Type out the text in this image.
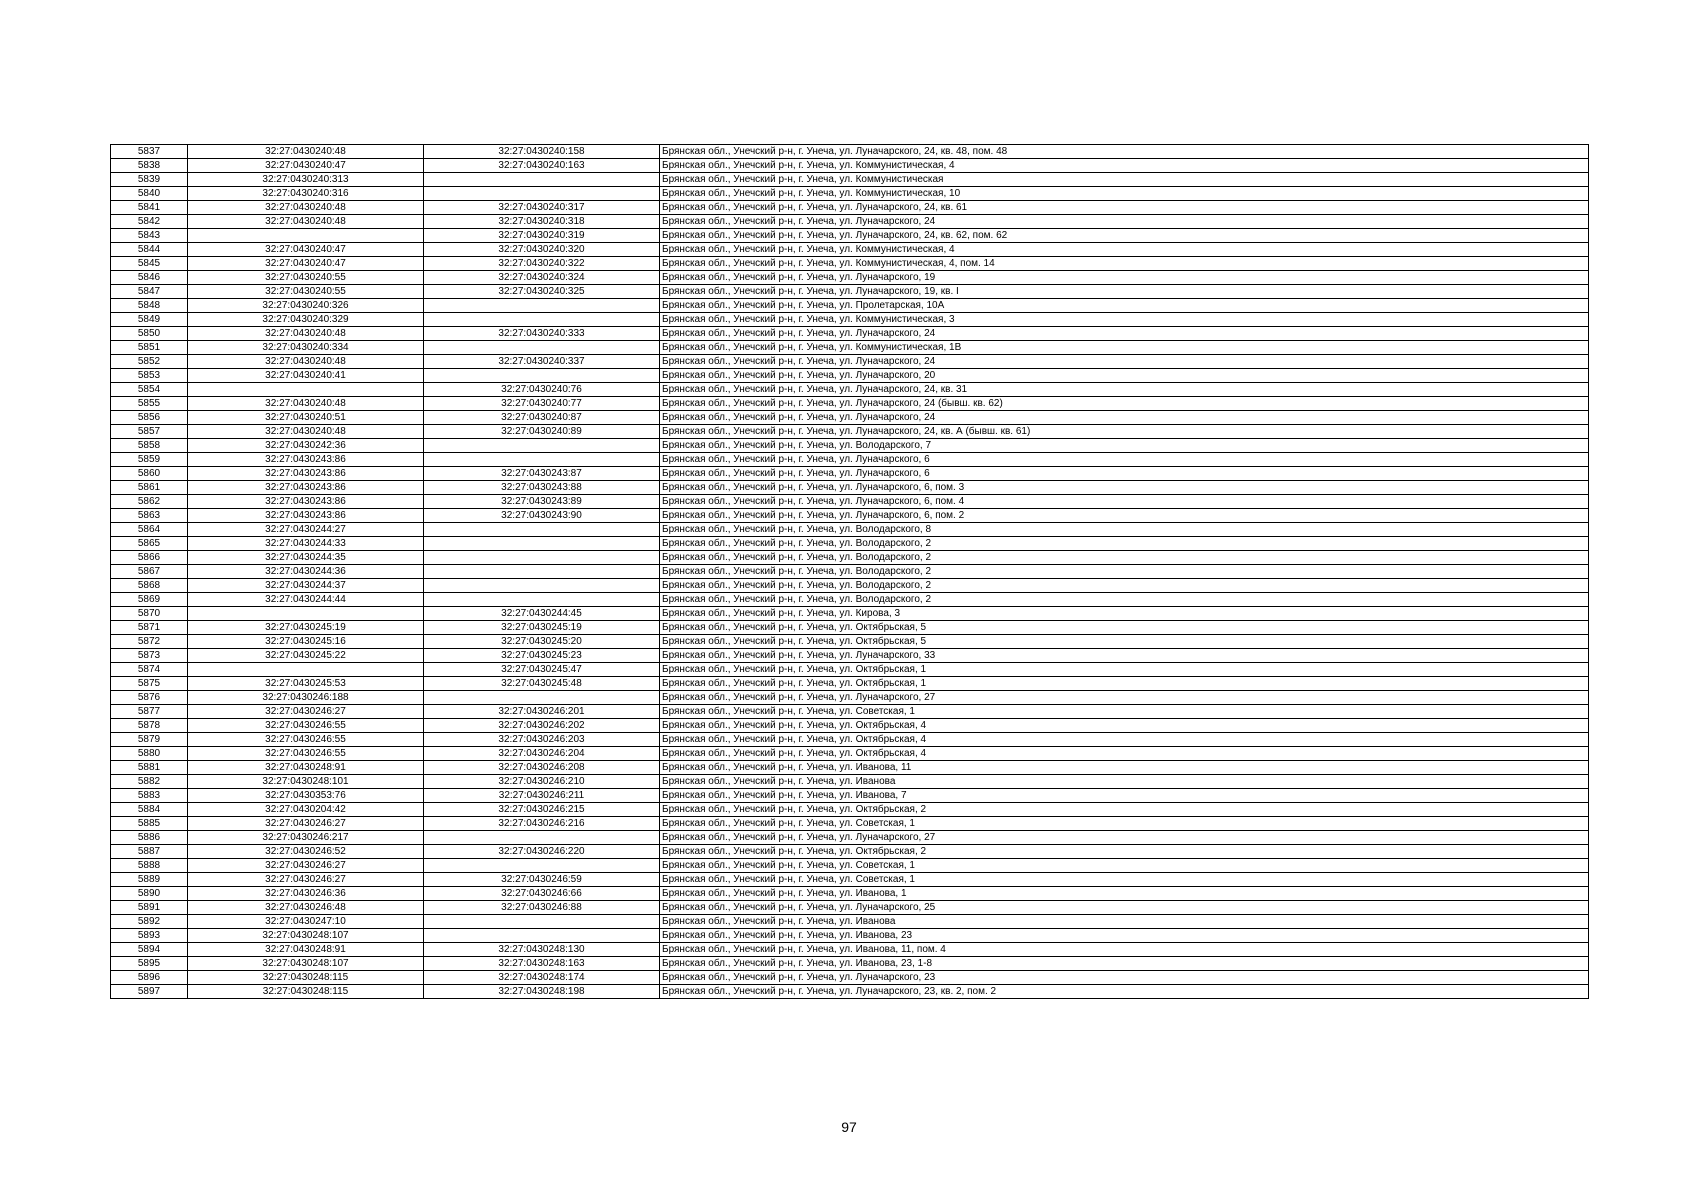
5837	32:27:0430240:48	32:27:0430240:158	Брянская обл., Унечский р-н, г. Унеча, ул. Луначарского, 24, кв. 48, пом. 48
5838	32:27:0430240:47	32:27:0430240:163	Брянская обл., Унечский р-н, г. Унеча, ул. Коммунистическая, 4
5839	32:27:0430240:313		Брянская обл., Унечский р-н, г. Унеча, ул. Коммунистическая
5840	32:27:0430240:316		Брянская обл., Унечский р-н, г. Унеча, ул. Коммунистическая, 10
5841	32:27:0430240:48	32:27:0430240:317	Брянская обл., Унечский р-н, г. Унеча, ул. Луначарского, 24, кв. 61
5842	32:27:0430240:48	32:27:0430240:318	Брянская обл., Унечский р-н, г. Унеча, ул. Луначарского, 24
5843		32:27:0430240:319	Брянская обл., Унечский р-н, г. Унеча, ул. Луначарского, 24, кв. 62, пом. 62
5844	32:27:0430240:47	32:27:0430240:320	Брянская обл., Унечский р-н, г. Унеча, ул. Коммунистическая, 4
5845	32:27:0430240:47	32:27:0430240:322	Брянская обл., Унечский р-н, г. Унеча, ул. Коммунистическая, 4, пом. 14
5846	32:27:0430240:55	32:27:0430240:324	Брянская обл., Унечский р-н, г. Унеча, ул. Луначарского, 19
5847	32:27:0430240:55	32:27:0430240:325	Брянская обл., Унечский р-н, г. Унеча, ул. Луначарского, 19, кв. I
5848	32:27:0430240:326		Брянская обл., Унечский р-н, г. Унеча, ул. Пролетарская, 10А
5849	32:27:0430240:329		Брянская обл., Унечский р-н, г. Унеча, ул. Коммунистическая, 3
5850	32:27:0430240:48	32:27:0430240:333	Брянская обл., Унечский р-н, г. Унеча, ул. Луначарского, 24
5851	32:27:0430240:334		Брянская обл., Унечский р-н, г. Унеча, ул. Коммунистическая, 1В
5852	32:27:0430240:48	32:27:0430240:337	Брянская обл., Унечский р-н, г. Унеча, ул. Луначарского, 24
5853	32:27:0430240:41		Брянская обл., Унечский р-н, г. Унеча, ул. Луначарского, 20
5854		32:27:0430240:76	Брянская обл., Унечский р-н, г. Унеча, ул. Луначарского, 24, кв. 31
5855	32:27:0430240:48	32:27:0430240:77	Брянская обл., Унечский р-н, г. Унеча, ул. Луначарского, 24 (бывш. кв. 62)
5856	32:27:0430240:51	32:27:0430240:87	Брянская обл., Унечский р-н, г. Унеча, ул. Луначарского, 24
5857	32:27:0430240:48	32:27:0430240:89	Брянская обл., Унечский р-н, г. Унеча, ул. Луначарского, 24, кв. А (бывш. кв. 61)
5858	32:27:0430242:36		Брянская обл., Унечский р-н, г. Унеча, ул. Володарского, 7
5859	32:27:0430243:86		Брянская обл., Унечский р-н, г. Унеча, ул. Луначарского, 6
5860	32:27:0430243:86	32:27:0430243:87	Брянская обл., Унечский р-н, г. Унеча, ул. Луначарского, 6
5861	32:27:0430243:86	32:27:0430243:88	Брянская обл., Унечский р-н, г. Унеча, ул. Луначарского, 6, пом. 3
5862	32:27:0430243:86	32:27:0430243:89	Брянская обл., Унечский р-н, г. Унеча, ул. Луначарского, 6, пом. 4
5863	32:27:0430243:86	32:27:0430243:90	Брянская обл., Унечский р-н, г. Унеча, ул. Луначарского, 6, пом. 2
5864	32:27:0430244:27		Брянская обл., Унечский р-н, г. Унеча, ул. Володарского, 8
5865	32:27:0430244:33		Брянская обл., Унечский р-н, г. Унеча, ул. Володарского, 2
5866	32:27:0430244:35		Брянская обл., Унечский р-н, г. Унеча, ул. Володарского, 2
5867	32:27:0430244:36		Брянская обл., Унечский р-н, г. Унеча, ул. Володарского, 2
5868	32:27:0430244:37		Брянская обл., Унечский р-н, г. Унеча, ул. Володарского, 2
5869	32:27:0430244:44		Брянская обл., Унечский р-н, г. Унеча, ул. Володарского, 2
5870		32:27:0430244:45	Брянская обл., Унечский р-н, г. Унеча, ул. Кирова, 3
5871	32:27:0430245:19	32:27:0430245:19	Брянская обл., Унечский р-н, г. Унеча, ул. Октябрьская, 5
5872	32:27:0430245:16	32:27:0430245:20	Брянская обл., Унечский р-н, г. Унеча, ул. Октябрьская, 5
5873	32:27:0430245:22	32:27:0430245:23	Брянская обл., Унечский р-н, г. Унеча, ул. Луначарского, 33
5874		32:27:0430245:47	Брянская обл., Унечский р-н, г. Унеча, ул. Октябрьская, 1
5875	32:27:0430245:53	32:27:0430245:48	Брянская обл., Унечский р-н, г. Унеча, ул. Октябрьская, 1
5876	32:27:0430246:188		Брянская обл., Унечский р-н, г. Унеча, ул. Луначарского, 27
5877	32:27:0430246:27	32:27:0430246:201	Брянская обл., Унечский р-н, г. Унеча, ул. Советская, 1
5878	32:27:0430246:55	32:27:0430246:202	Брянская обл., Унечский р-н, г. Унеча, ул. Октябрьская, 4
5879	32:27:0430246:55	32:27:0430246:203	Брянская обл., Унечский р-н, г. Унеча, ул. Октябрьская, 4
5880	32:27:0430246:55	32:27:0430246:204	Брянская обл., Унечский р-н, г. Унеча, ул. Октябрьская, 4
5881	32:27:0430248:91	32:27:0430246:208	Брянская обл., Унечский р-н, г. Унеча, ул. Иванова, 11
5882	32:27:0430248:101	32:27:0430246:210	Брянская обл., Унечский р-н, г. Унеча, ул. Иванова
5883	32:27:0430353:76	32:27:0430246:211	Брянская обл., Унечский р-н, г. Унеча, ул. Иванова, 7
5884	32:27:0430204:42	32:27:0430246:215	Брянская обл., Унечский р-н, г. Унеча, ул. Октябрьская, 2
5885	32:27:0430246:27	32:27:0430246:216	Брянская обл., Унечский р-н, г. Унеча, ул. Советская, 1
5886	32:27:0430246:217		Брянская обл., Унечский р-н, г. Унеча, ул. Луначарского, 27
5887	32:27:0430246:52	32:27:0430246:220	Брянская обл., Унечский р-н, г. Унеча, ул. Октябрьская, 2
5888	32:27:0430246:27		Брянская обл., Унечский р-н, г. Унеча, ул. Советская, 1
5889	32:27:0430246:27	32:27:0430246:59	Брянская обл., Унечский р-н, г. Унеча, ул. Советская, 1
5890	32:27:0430246:36	32:27:0430246:66	Брянская обл., Унечский р-н, г. Унеча, ул. Иванова, 1
5891	32:27:0430246:48	32:27:0430246:88	Брянская обл., Унечский р-н, г. Унеча, ул. Луначарского, 25
5892	32:27:0430247:10		Брянская обл., Унечский р-н, г. Унеча, ул. Иванова
5893	32:27:0430248:107		Брянская обл., Унечский р-н, г. Унеча, ул. Иванова, 23
5894	32:27:0430248:91	32:27:0430248:130	Брянская обл., Унечский р-н, г. Унеча, ул. Иванова, 11, пом. 4
5895	32:27:0430248:107	32:27:0430248:163	Брянская обл., Унечский р-н, г. Унеча, ул. Иванова, 23, 1-8
5896	32:27:0430248:115	32:27:0430248:174	Брянская обл., Унечский р-н, г. Унеча, ул. Луначарского, 23
5897	32:27:0430248:115	32:27:0430248:198	Брянская обл., Унечский р-н, г. Унеча, ул. Луначарского, 23, кв. 2, пом. 2
97
